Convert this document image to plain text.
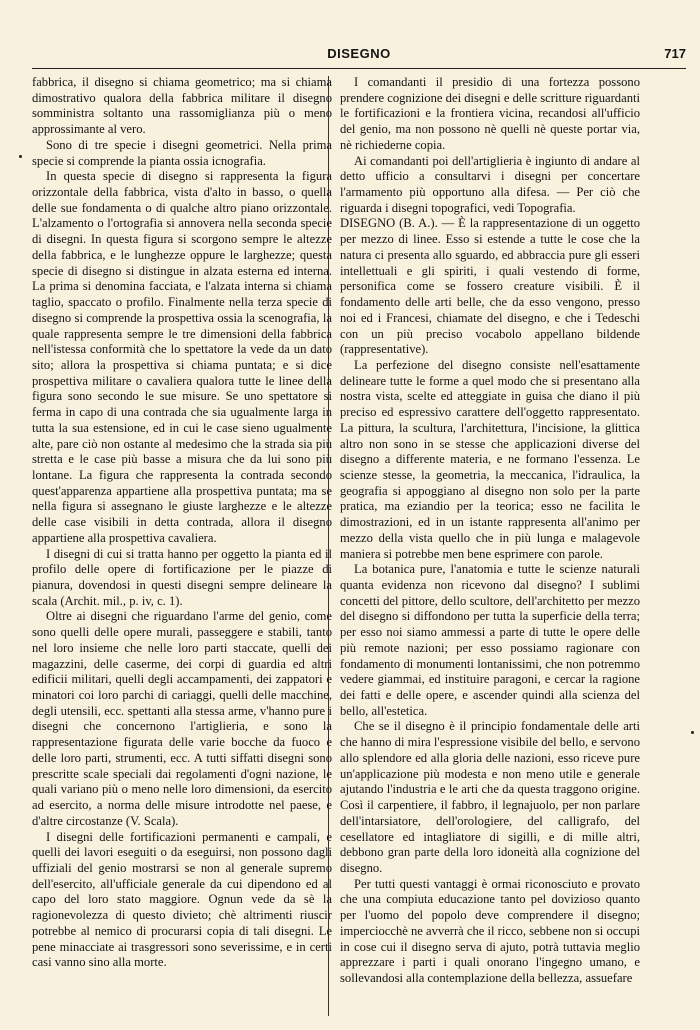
DISEGNO	717

fabbrica, il disegno si chiama geometrico; ma si chiama dimostrativo qualora della fabbrica militare il disegno somministra soltanto una rassomiglianza più o meno approssimante al vero.

Sono di tre specie i disegni geometrici. Nella prima specie si comprende la pianta ossia icnografia.

In questa specie di disegno si rappresenta la figura orizzontale della fabbrica, vista d'alto in basso, o quella delle sue fondamenta o di qualche altro piano orizzontale. L'alzamento o l'ortografia si annovera nella seconda specie di disegni. In questa figura si scorgono sempre le altezze della fabbrica, e le lunghezze oppure le larghezze; questa specie di disegno si distingue in alzata esterna ed interna. La prima si denomina facciata, e l'alzata interna si chiama taglio, spaccato o profilo. Finalmente nella terza specie di disegno si comprende la prospettiva ossia la scenografia, la quale rappresenta sempre le tre dimensioni della fabbrica nell'istessa conformità che lo spettatore la vede da un dato sito; allora la prospettiva si chiama puntata; e si dice prospettiva militare o cavaliera qualora tutte le linee della figura sono secondo le sue misure. Se uno spettatore si ferma in capo di una contrada che sia ugualmente larga in tutta la sua estensione, ed in cui le case sieno ugualmente alte, pare ciò non ostante al medesimo che la strada sia più stretta e le case più basse a misura che da lui sono più lontane. La figura che rappresenta la contrada secondo quest'apparenza appartiene alla prospettiva puntata; ma se nella figura si assegnano le giuste larghezze e le altezze delle case visibili in detta contrada, allora il disegno appartiene alla prospettiva cavaliera.

I disegni di cui si tratta hanno per oggetto la pianta ed il profilo delle opere di fortificazione per le piazze di pianura, dovendosi in questi disegni sempre delineare la scala (Archit. mil., p. iv, c. 1).

Oltre ai disegni che riguardano l'arme del genio, come sono quelli delle opere murali, passeggere e stabili, tanto nel loro insieme che nelle loro parti staccate, quelli dei magazzini, delle caserme, dei corpi di guardia ed altri edificii militari, quelli degli accampamenti, dei zappatori e minatori coi loro parchi di cariaggi, quelli delle macchine, degli utensili, ecc. spettanti alla stessa arme, v'hanno pure i disegni che concernono l'artiglieria, e sono la rappresentazione figurata delle varie bocche da fuoco e delle loro parti, strumenti, ecc. A tutti siffatti disegni sono prescritte scale speciali dai regolamenti d'ogni nazione, le quali variano più o meno nelle loro dimensioni, da esercito ad esercito, a norma delle misure introdotte nel paese, e d'altre circostanze (V. Scala).

I disegni delle fortificazioni permanenti e campali, e quelli dei lavori eseguiti o da eseguirsi, non possono dagli uffiziali del genio mostrarsi se non al generale supremo dell'esercito, all'ufficiale generale da cui dipendono ed al capo del loro stato maggiore. Ognun vede da sè la ragionevolezza di questo divieto; chè altrimenti riuscir potrebbe al nemico di procurarsi copia di tali disegni. Le pene minacciate ai trasgressori sono severissime, e in certi casi vanno sino alla morte.

I comandanti il presidio di una fortezza possono prendere cognizione dei disegni e delle scritture riguardanti le fortificazioni e la frontiera vicina, recandosi all'ufficio del genio, ma non possono nè quelli nè queste portar via, nè richiederne copia.

Ai comandanti poi dell'artiglieria è ingiunto di andare al detto ufficio a consultarvi i disegni per concertare l'armamento più opportuno alla difesa. — Per ciò che riguarda i disegni topografici, vedi Topografia.

DISEGNO (B. A.). — È la rappresentazione di un oggetto per mezzo di linee. Esso si estende a tutte le cose che la natura ci presenta allo sguardo, ed abbraccia pure gli esseri intellettuali e gli spiriti, i quali vestendo di forme, personifica come se fossero creature visibili. È il fondamento delle arti belle, che da esso vengono, presso noi ed i Francesi, chiamate del disegno, e che i Tedeschi con un più preciso vocabolo appellano bildende (rappresentative).

La perfezione del disegno consiste nell'esattamente delineare tutte le forme a quel modo che si presentano alla nostra vista, scelte ed atteggiate in guisa che diano il più preciso ed espressivo carattere dell'oggetto rappresentato. La pittura, la scultura, l'architettura, l'incisione, la glittica altro non sono in se stesse che applicazioni diverse del disegno a differente materia, e ne formano l'essenza. Le scienze stesse, la geometria, la meccanica, l'idraulica, la geografia si appoggiano al disegno non solo per la parte pratica, ma eziandio per la teorica; esso ne facilita le dimostrazioni, ed in un istante rappresenta all'animo per mezzo della vista quello che in più lunga e malagevole maniera si potrebbe men bene esprimere con parole.

La botanica pure, l'anatomia e tutte le scienze naturali quanta evidenza non ricevono dal disegno? I sublimi concetti del pittore, dello scultore, dell'architetto per mezzo del disegno si diffondono per tutta la superficie della terra; per esso noi siamo ammessi a parte di tutte le opere delle più remote nazioni; per esso possiamo ragionare con fondamento di monumenti lontanissimi, che non potremmo vedere giammai, ed instituire paragoni, e cercar la ragione dei fatti e delle opere, e ascender quindi alla scienza del bello, all'estetica.

Che se il disegno è il principio fondamentale delle arti che hanno di mira l'espressione visibile del bello, e servono allo splendore ed alla gloria delle nazioni, esso riceve pure un'applicazione più modesta e non meno utile e generale ajutando l'industria e le arti che da questa traggono origine. Così il carpentiere, il fabbro, il legnajuolo, per non parlare dell'intarsiatore, dell'orologiere, del calligrafo, del cesellatore ed intagliatore di sigilli, e di mille altri, debbono gran parte della loro idoneità alla cognizione del disegno.

Per tutti questi vantaggi è ormai riconosciuto e provato che una compiuta educazione tanto pel dovizioso quanto per l'uomo del popolo deve comprendere il disegno; imperciocchè ne avverrà che il ricco, sebbene non si occupi in cose cui il disegno serva di ajuto, potrà tuttavia meglio apprezzare i parti i quali onorano l'ingegno umano, e sollevandosi alla contemplazione della bellezza, assuefare
